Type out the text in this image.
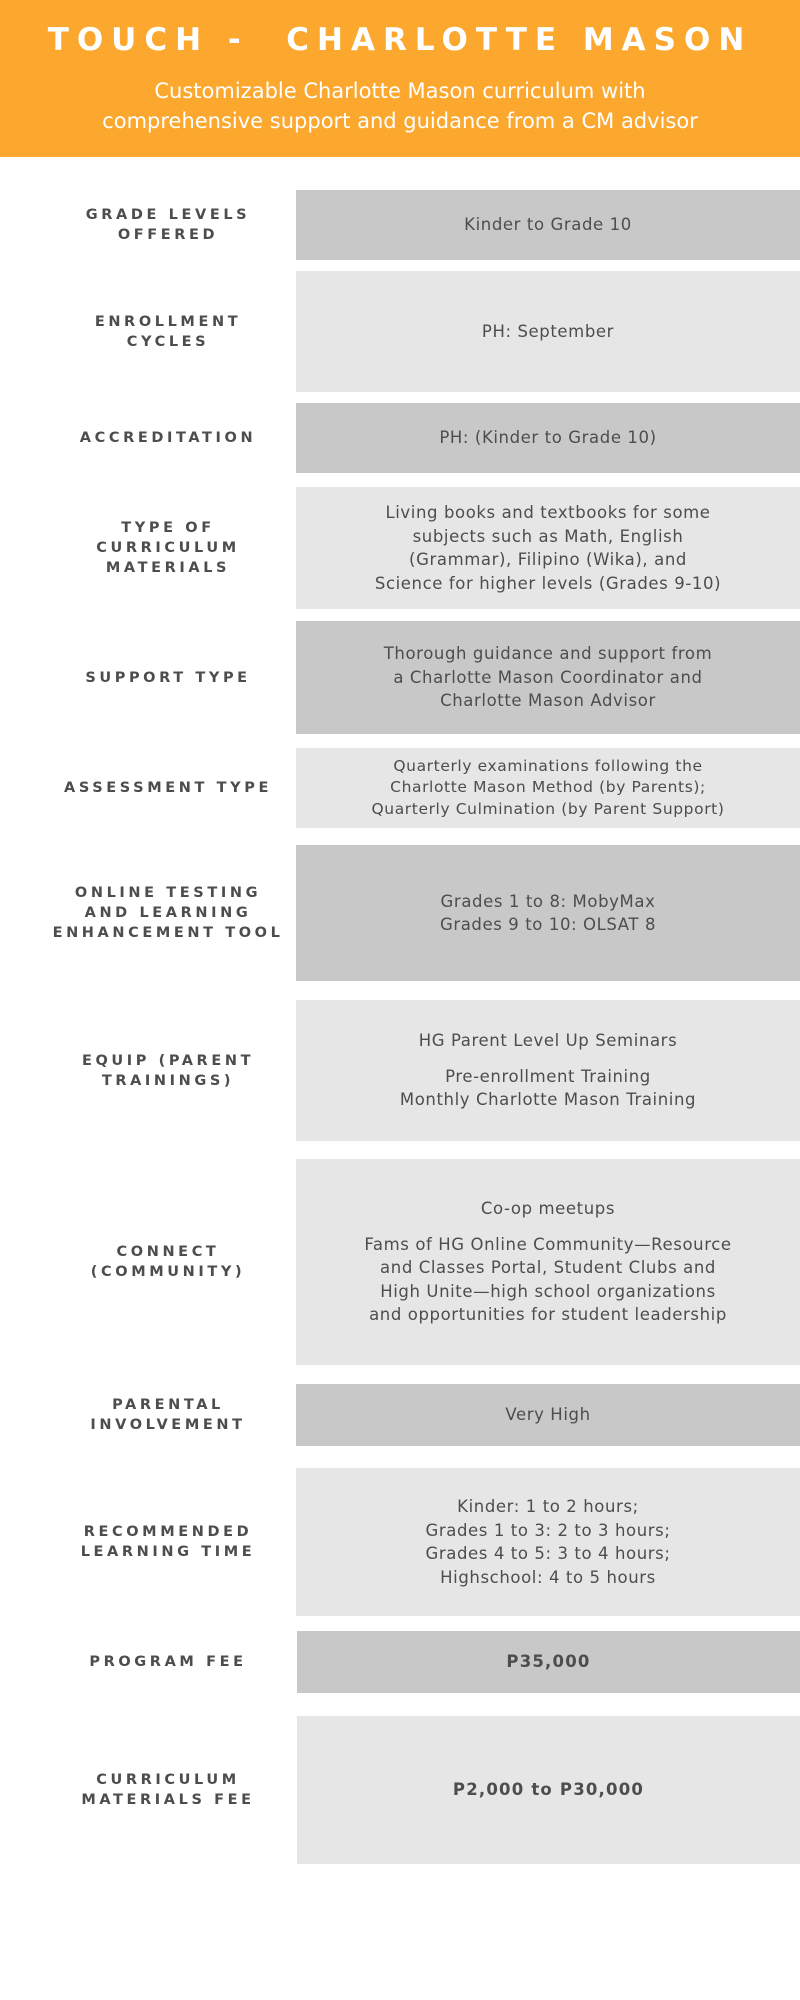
TOUCH -  CHARLOTTE MASON
Customizable Charlotte Mason curriculum with
comprehensive support and guidance from a CM advisor
GRADE LEVELS OFFERED
Kinder to Grade 10
ENROLLMENT CYCLES
PH: September
ACCREDITATION	PH: (Kinder to Grade 10)
TYPE OF CURRICULUM MATERIALS
Living books and textbooks for some
subjects such as Math, English
(Grammar), Filipino (Wika), and
Science for higher levels (Grades 9-10)
SUPPORT TYPE
Thorough guidance and support from
a Charlotte Mason Coordinator and
Charlotte Mason Advisor
ASSESSMENT TYPE
Quarterly examinations following the
Charlotte Mason Method (by Parents);
Quarterly Culmination (by Parent Support)
ONLINE TESTING AND LEARNING ENHANCEMENT TOOL
Grades 1 to 8: MobyMax
Grades 9 to 10: OLSAT 8
EQUIP (PARENT TRAININGS)
HG Parent Level Up Seminars
Pre-enrollment Training
Monthly Charlotte Mason Training
CONNECT (COMMUNITY)
Co-op meetups
Fams of HG Online Community—Resource
and Classes Portal, Student Clubs and
High Unite—high school organizations
and opportunities for student leadership
PARENTAL INVOLVEMENT
Very High
RECOMMENDED LEARNING TIME
Kinder: 1 to 2 hours;
Grades 1 to 3: 2 to 3 hours;
Grades 4 to 5: 3 to 4 hours;
Highschool: 4 to 5 hours
PROGRAM FEE	P35,000
CURRICULUM MATERIALS FEE
P2,000 to P30,000
